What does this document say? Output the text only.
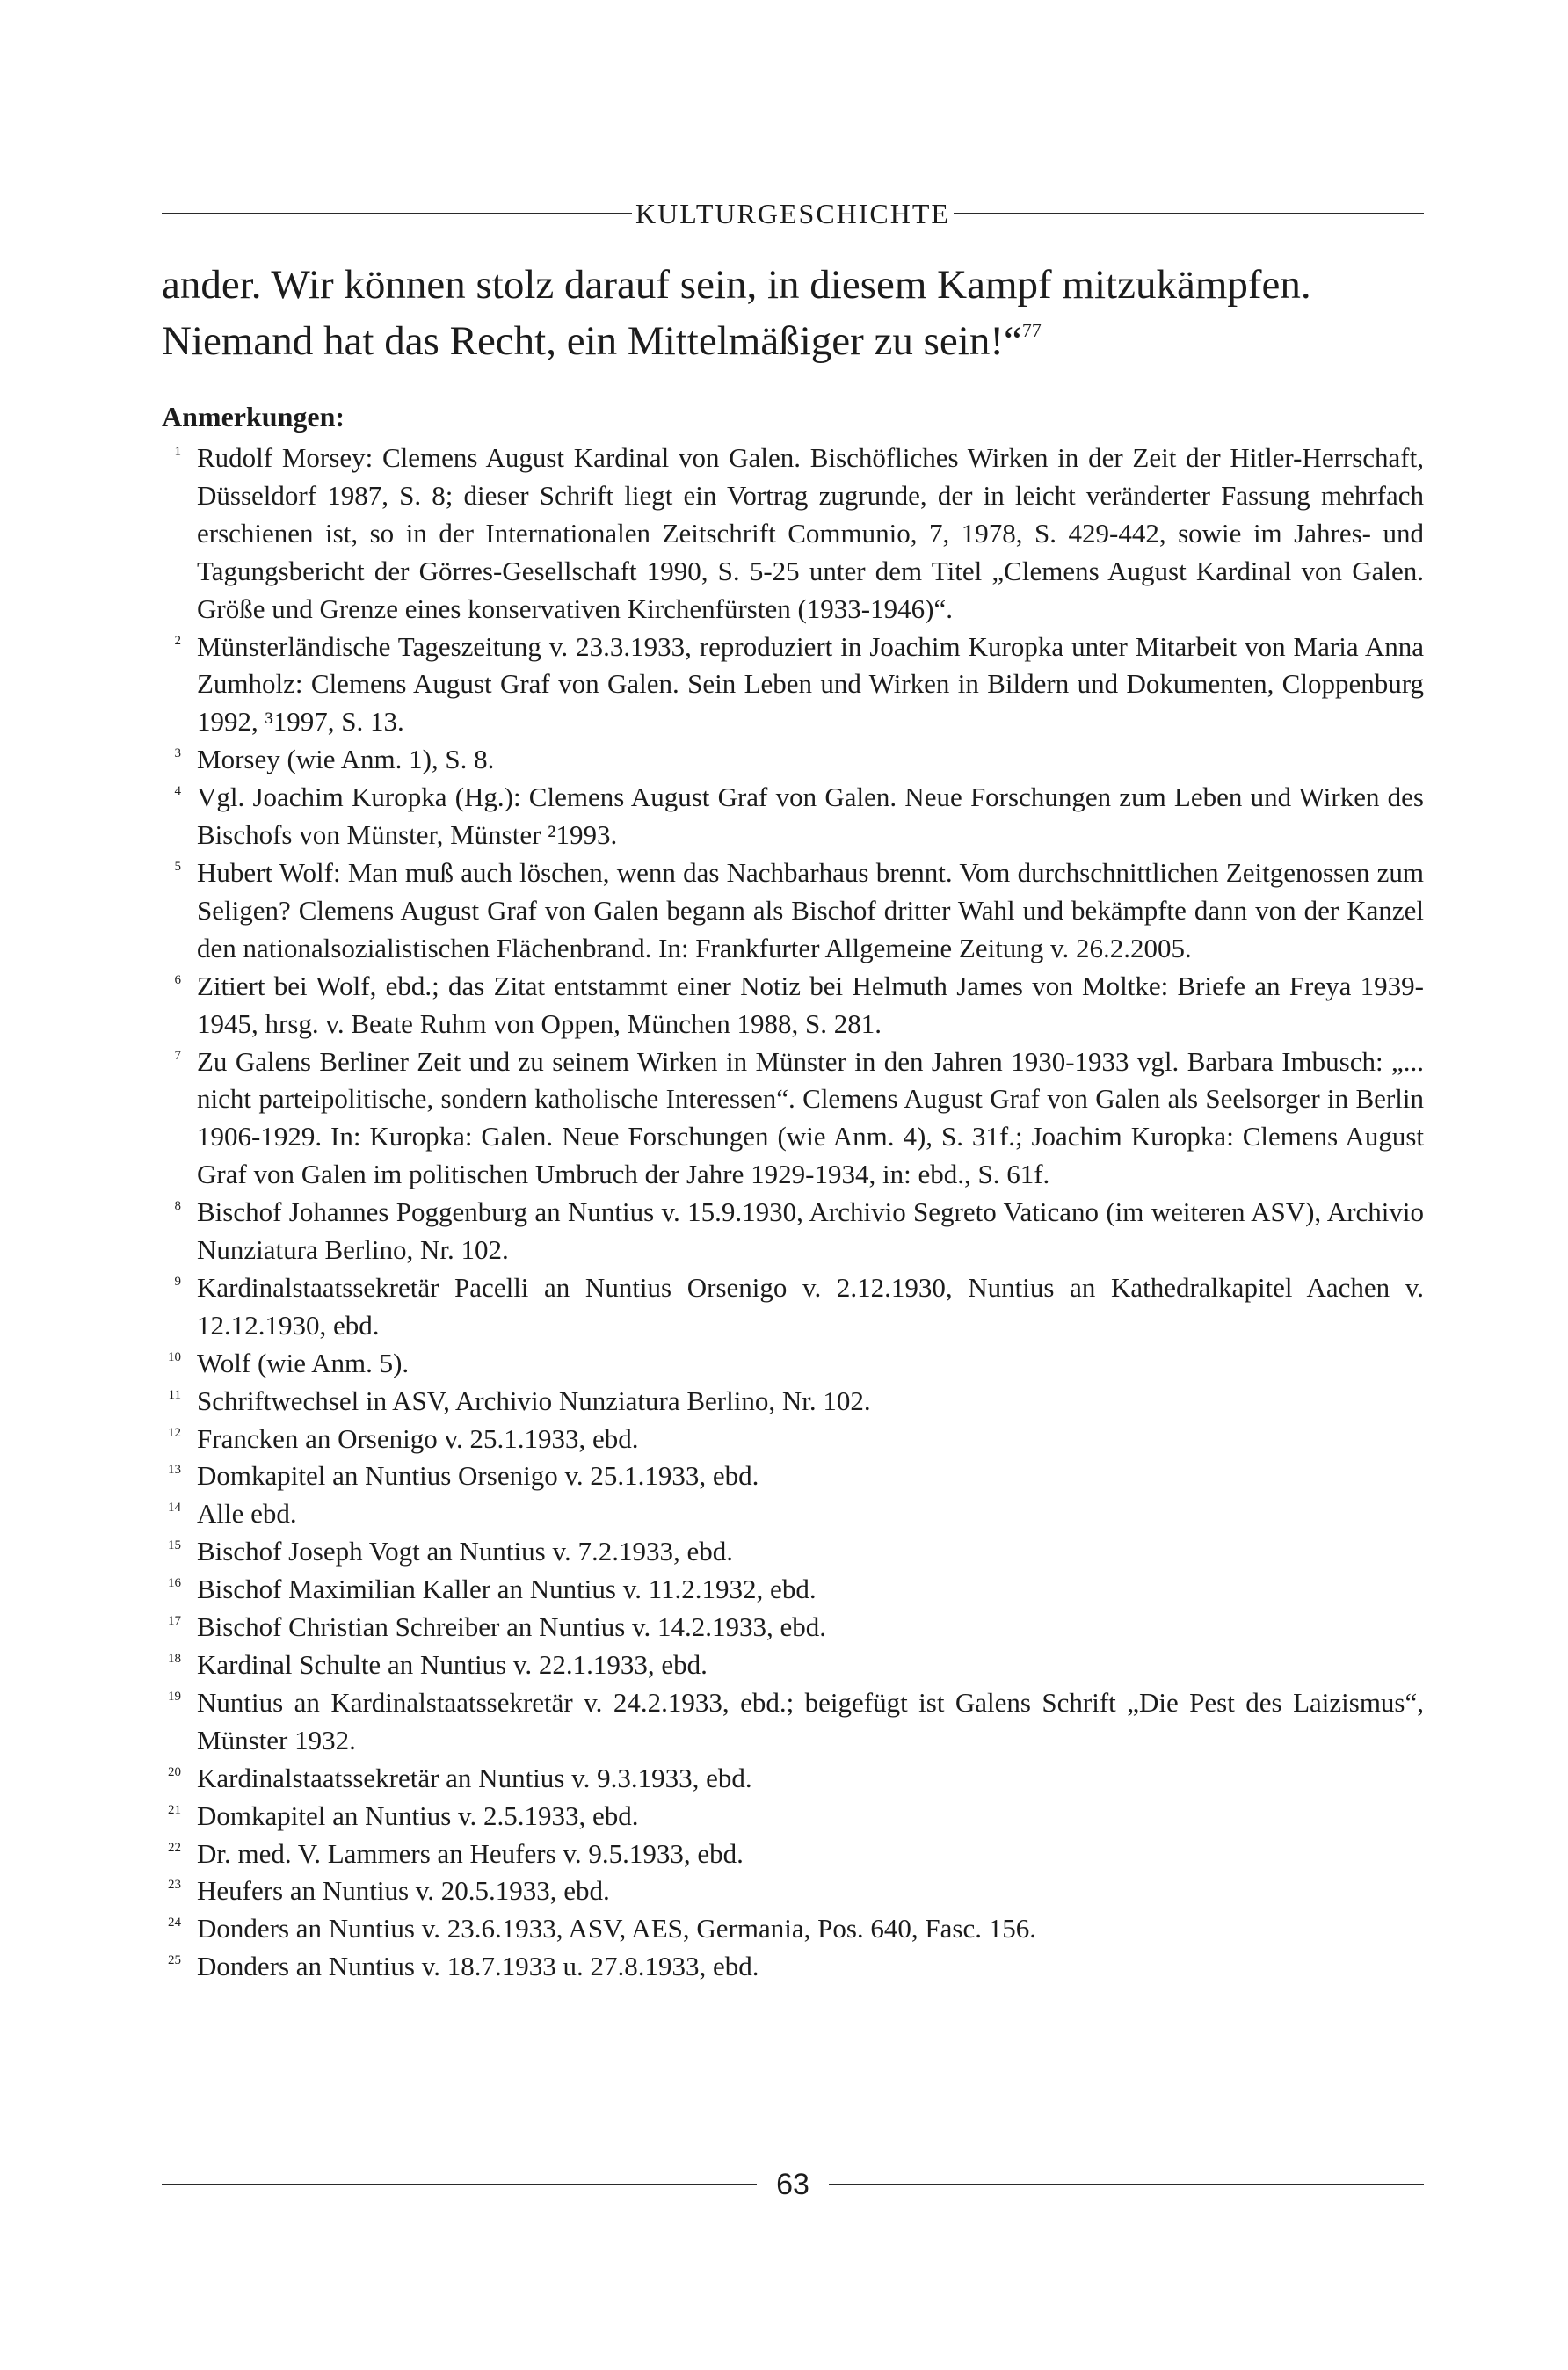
KULTURGESCHICHTE
ander. Wir können stolz darauf sein, in diesem Kampf mitzukämpfen.
Niemand hat das Recht, ein Mittelmäßiger zu sein!“$^{77}$
Anmerkungen:
1 Rudolf Morsey: Clemens August Kardinal von Galen. Bischöfliches Wirken in der Zeit der Hitler-Herrschaft, Düsseldorf 1987, S. 8; dieser Schrift liegt ein Vortrag zugrunde, der in leicht veränderter Fassung mehrfach erschienen ist, so in der Internationalen Zeitschrift Communio, 7, 1978, S. 429-442, sowie im Jahres- und Tagungsbericht der Görres-Gesellschaft 1990, S. 5-25 unter dem Titel „Clemens August Kardinal von Galen. Größe und Grenze eines konservativen Kirchenfürsten (1933-1946)“.
2 Münsterländische Tageszeitung v. 23.3.1933, reproduziert in Joachim Kuropka unter Mitarbeit von Maria Anna Zumholz: Clemens August Graf von Galen. Sein Leben und Wirken in Bildern und Dokumenten, Cloppenburg 1992, ³1997, S. 13.
3 Morsey (wie Anm. 1), S. 8.
4 Vgl. Joachim Kuropka (Hg.): Clemens August Graf von Galen. Neue Forschungen zum Leben und Wirken des Bischofs von Münster, Münster ²1993.
5 Hubert Wolf: Man muß auch löschen, wenn das Nachbarhaus brennt. Vom durchschnittlichen Zeitgenossen zum Seligen? Clemens August Graf von Galen begann als Bischof dritter Wahl und bekämpfte dann von der Kanzel den nationalsozialistischen Flächenbrand. In: Frankfurter Allgemeine Zeitung v. 26.2.2005.
6 Zitiert bei Wolf, ebd.; das Zitat entstammt einer Notiz bei Helmuth James von Moltke: Briefe an Freya 1939-1945, hrsg. v. Beate Ruhm von Oppen, München 1988, S. 281.
7 Zu Galens Berliner Zeit und zu seinem Wirken in Münster in den Jahren 1930-1933 vgl. Barbara Imbusch: „... nicht parteipolitische, sondern katholische Interessen“. Clemens August Graf von Galen als Seelsorger in Berlin 1906-1929. In: Kuropka: Galen. Neue Forschungen (wie Anm. 4), S. 31f.; Joachim Kuropka: Clemens August Graf von Galen im politischen Umbruch der Jahre 1929-1934, in: ebd., S. 61f.
8 Bischof Johannes Poggenburg an Nuntius v. 15.9.1930, Archivio Segreto Vaticano (im weiteren ASV), Archivio Nunziatura Berlino, Nr. 102.
9 Kardinalstaatssekretär Pacelli an Nuntius Orsenigo v. 2.12.1930, Nuntius an Kathedralkapitel Aachen v. 12.12.1930, ebd.
10 Wolf (wie Anm. 5).
11 Schriftwechsel in ASV, Archivio Nunziatura Berlino, Nr. 102.
12 Francken an Orsenigo v. 25.1.1933, ebd.
13 Domkapitel an Nuntius Orsenigo v. 25.1.1933, ebd.
14 Alle ebd.
15 Bischof Joseph Vogt an Nuntius v. 7.2.1933, ebd.
16 Bischof Maximilian Kaller an Nuntius v. 11.2.1932, ebd.
17 Bischof Christian Schreiber an Nuntius v. 14.2.1933, ebd.
18 Kardinal Schulte an Nuntius v. 22.1.1933, ebd.
19 Nuntius an Kardinalstaatssekretär v. 24.2.1933, ebd.; beigefügt ist Galens Schrift „Die Pest des Laizismus“, Münster 1932.
20 Kardinalstaatssekretär an Nuntius v. 9.3.1933, ebd.
21 Domkapitel an Nuntius v. 2.5.1933, ebd.
22 Dr. med. V. Lammers an Heufers v. 9.5.1933, ebd.
23 Heufers an Nuntius v. 20.5.1933, ebd.
24 Donders an Nuntius v. 23.6.1933, ASV, AES, Germania, Pos. 640, Fasc. 156.
25 Donders an Nuntius v. 18.7.1933 u. 27.8.1933, ebd.
63
